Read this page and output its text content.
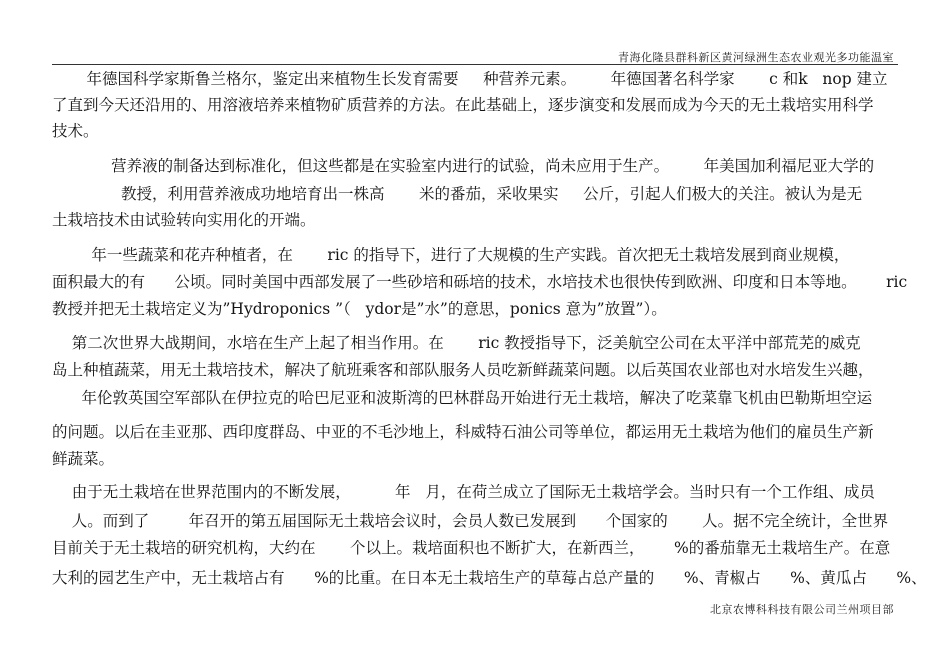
青海化隆县群科新区黄河绿洲生态农业观光多功能温室
年德国科学家斯鲁兰格尔，鉴定出来植物生长发育需要     种营养元素。       年德国著名科学家       c 和k   nop 建立
了直到今天还沿用的、用溶液培养来植物矿质营养的方法。在此基础上，逐步演变和发展而成为今天的无土栽培实用科学
技术。
营养液的制备达到标准化，但这些都是在实验室内进行的试验，尚未应用于生产。       年美国加利福尼亚大学的
教授，利用营养液成功地培育出一株高       米的番茄，采收果实     公斤，引起人们极大的关注。被认为是无
土栽培技术由试验转向实用化的开端。
年一些蔬菜和花卉种植者，在       ric 的指导下，进行了大规模的生产实践。首次把无土栽培发展到商业规模，
面积最大的有      公顷。同时美国中西部发展了一些砂培和砾培的技术，水培技术也很快传到欧洲、印度和日本等地。      ric
教授并把无土栽培定义为”Hydroponics ”（   ydor是”水”的意思，ponics 意为”放置”）。
第二次世界大战期间，水培在生产上起了相当作用。在       ric 教授指导下，泛美航空公司在太平洋中部荒芜的威克
岛上种植蔬菜，用无土栽培技术，解决了航班乘客和部队服务人员吃新鲜蔬菜问题。以后英国农业部也对水培发生兴趣，
年伦敦英国空军部队在伊拉克的哈巴尼亚和波斯湾的巴林群岛开始进行无土栽培，解决了吃菜靠飞机由巴勒斯坦空运
的问题。以后在圭亚那、西印度群岛、中亚的不毛沙地上，科威特石油公司等单位，都运用无土栽培为他们的雇员生产新
鲜蔬菜。
由于无土栽培在世界范围内的不断发展，         年   月，在荷兰成立了国际无土栽培学会。当时只有一个工作组、成员
人。而到了        年召开的第五届国际无土栽培会议时，会员人数已发展到      个国家的       人。据不完全统计，全世界
目前关于无土栽培的研究机构，大约在       个以上。栽培面积也不断扩大，在新西兰，      %的番茄靠无土栽培生产。在意
大利的园艺生产中，无土栽培占有      %的比重。在日本无土栽培生产的草莓占总产量的      %、青椒占      %、黄瓜占      %、
北京农博科科技有限公司兰州项目部
